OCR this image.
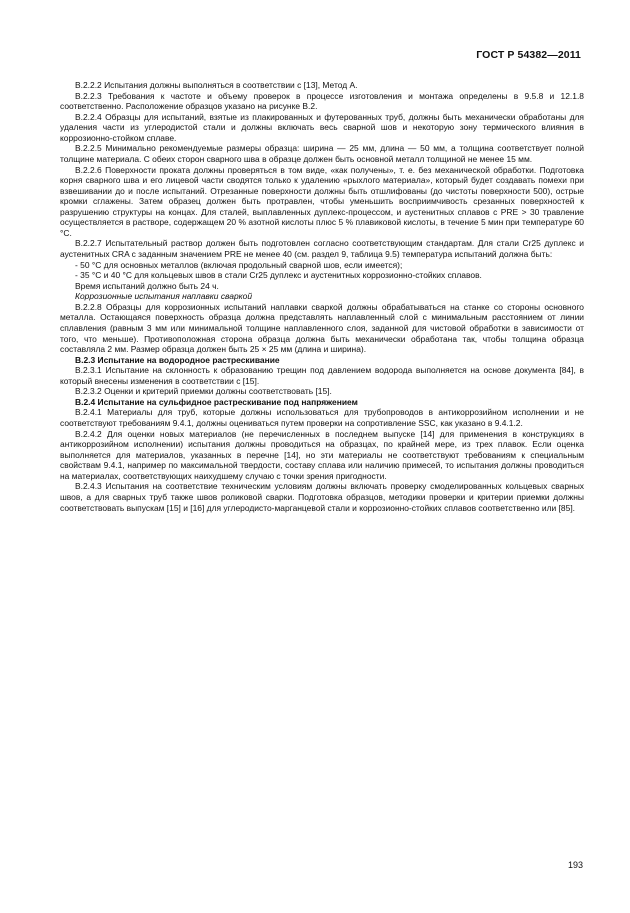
ГОСТ Р 54382—2011

В.2.2.2 Испытания должны выполняться в соответствии с [13], Метод А.

В.2.2.3 Требования к частоте и объему проверок в процессе изготовления и монтажа определены в 9.5.8 и 12.1.8 соответственно. Расположение образцов указано на рисунке В.2.

В.2.2.4 Образцы для испытаний, взятые из плакированных и футерованных труб, должны быть механически обработаны для удаления части из углеродистой стали и должны включать весь сварной шов и некоторую зону термического влияния в коррозионно-стойком сплаве.

В.2.2.5 Минимально рекомендуемые размеры образца: ширина — 25 мм, длина — 50 мм, а толщина соответствует полной толщине материала. С обеих сторон сварного шва в образце должен быть основной металл толщиной не менее 15 мм.

В.2.2.6 Поверхности проката должны проверяться в том виде, «как получены», т. е. без механической обработки. Подготовка корня сварного шва и его лицевой части сводятся только к удалению «рыхлого материала», который будет создавать помехи при взвешивании до и после испытаний. Отрезанные поверхности должны быть отшлифованы (до чистоты поверхности 500), острые кромки сглажены. Затем образец должен быть протравлен, чтобы уменьшить восприимчивость срезанных поверхностей к разрушению структуры на концах. Для сталей, выплавленных дуплекс-процессом, и аустенитных сплавов с PRE > 30 травление осуществляется в растворе, содержащем 20 % азотной кислоты плюс 5 % плавиковой кислоты, в течение 5 мин при температуре 60 °С.

В.2.2.7 Испытательный раствор должен быть подготовлен согласно соответствующим стандартам. Для стали Cr25 дуплекс и аустенитных CRA с заданным значением PRE не менее 40 (см. раздел 9, таблица 9.5) температура испытаний должна быть:

- 50 °С для основных металлов (включая продольный сварной шов, если имеется);

- 35 °С и 40 °С для кольцевых швов в стали Cr25 дуплекс и аустенитных коррозионно-стойких сплавов.

Время испытаний должно быть 24 ч.

Коррозионные испытания наплавки сваркой

В.2.2.8 Образцы для коррозионных испытаний наплавки сваркой должны обрабатываться на станке со стороны основного металла. Остающаяся поверхность образца должна представлять наплавленный слой с минимальным расстоянием от линии сплавления (равным 3 мм или минимальной толщине наплавленного слоя, заданной для чистовой обработки в зависимости от того, что меньше). Противоположная сторона образца должна быть механически обработана так, чтобы толщина образца составляла 2 мм. Размер образца должен быть 25 × 25 мм (длина и ширина).

В.2.3 Испытание на водородное растрескивание

В.2.3.1 Испытание на склонность к образованию трещин под давлением водорода выполняется на основе документа [84], в который внесены изменения в соответствии с [15].

В.2.3.2 Оценки и критерий приемки должны соответствовать [15].

В.2.4 Испытание на сульфидное растрескивание под напряжением

В.2.4.1 Материалы для труб, которые должны использоваться для трубопроводов в антикоррозийном исполнении и не соответствуют требованиям 9.4.1, должны оцениваться путем проверки на сопротивление SSC, как указано в 9.4.1.2.

В.2.4.2 Для оценки новых материалов (не перечисленных в последнем выпуске [14] для применения в конструкциях в антикоррозийном исполнении) испытания должны проводиться на образцах, по крайней мере, из трех плавок. Если оценка выполняется для материалов, указанных в перечне [14], но эти материалы не соответствуют требованиям к специальным свойствам 9.4.1, например по максимальной твердости, составу сплава или наличию примесей, то испытания должны проводиться на материалах, соответствующих наихудшему случаю с точки зрения пригодности.

В.2.4.3 Испытания на соответствие техническим условиям должны включать проверку смоделированных кольцевых сварных швов, а для сварных труб также швов роликовой сварки. Подготовка образцов, методики проверки и критерии приемки должны соответствовать выпускам [15] и [16] для углеродисто-марганцевой стали и коррозионно-стойких сплавов соответственно или [85].

193
